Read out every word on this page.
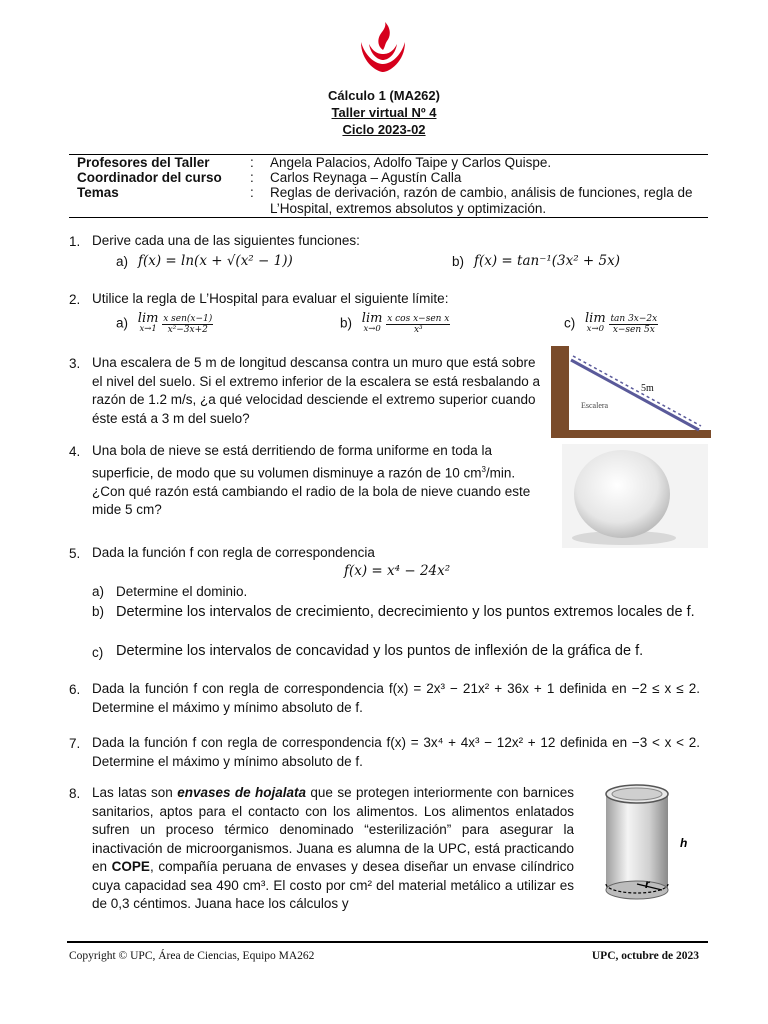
Cálculo 1 (MA262)
Taller virtual Nº 4
Ciclo 2023-02
Profesores del Taller	: Angela Palacios, Adolfo Taipe y Carlos Quispe.
Coordinador del curso : Carlos Reynaga – Agustín Calla
Temas	: Reglas de derivación, razón de cambio, análisis de funciones, regla de L’Hospital, extremos absolutos y optimización.
1. Derive cada una de las siguientes funciones:
a) f(x) = ln(x + √(x² − 1))	b) f(x) = tan⁻¹(3x² + 5x)
2. Utilice la regla de L’Hospital para evaluar el siguiente límite:
a) lim
x→1
$\frac{\text{x sen(x−1)}}{\text{x²−3x+2}}$	b) lim
x→0
$\frac{\text{x cos x−sen x}}{\text{x³}}$	c) lim
x→0
$\frac{\tan 3x-2x}{\text{x−sen 5x}}$
3. Una escalera de 5 m de longitud descansa contra un muro que está sobre el nivel del suelo. Si el extremo inferior de la escalera se está resbalando a razón de 1.2 m/s, ¿a qué velocidad desciende el extremo superior cuando éste está a 3 m del suelo?
5m
Escalera
4. Una bola de nieve se está derritiendo de forma uniforme en toda la superficie, de modo que su volumen disminuye a razón de 10 $cm^3/\min$. ¿Con qué razón está cambiando el radio de la bola de nieve cuando este mide 5 cm?
5. Dada la función f con regla de correspondencia
f(x) = x⁴ − 24x²
a) Determine el dominio.
b) Determine los intervalos de crecimiento, decrecimiento y los puntos extremos locales de f.
c) Determine los intervalos de concavidad y los puntos de inflexión de la gráfica de f.
6. Dada la función f con regla de correspondencia f(x) = 2x³ − 21x² + 36x + 1 definida en −2 ≤ x ≤ 2. Determine el máximo y mínimo absoluto de f.
7. Dada la función f con regla de correspondencia f(x) = 3x⁴ + 4x³ − 12x² + 12 definida en −3 < x < 2. Determine el máximo y mínimo absoluto de f.
8. Las latas son envases de hojalata que se protegen interiormente con barnices sanitarios, aptos para el contacto con los alimentos. Los alimentos enlatados sufren un proceso térmico denominado “esterilización” para asegurar la inactivación de microorganismos. Juana es alumna de la UPC, está practicando en COPE, compañía peruana de envases y desea diseñar un envase cilíndrico cuya capacidad sea 490 cm³. El costo por cm² del material metálico a utilizar es de 0,3 céntimos. Juana hace los cálculos y
r
h
Copyright © UPC, Área de Ciencias, Equipo MA262	UPC, octubre de 2023
